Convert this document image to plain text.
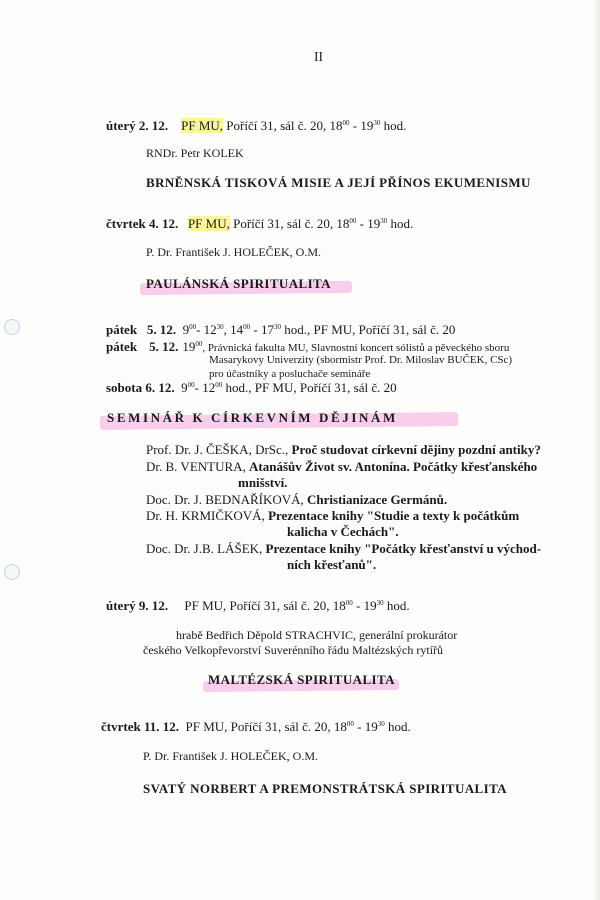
II
úterý 2. 12. PF MU, Poříčí 31, sál č. 20, $18^{00} - 19^{30}$ hod.
RNDr. Petr KOLEK
BRNĚNSKÁ TISKOVÁ MISIE A JEJÍ PŘÍNOS EKUMENISMU
čtvrtek 4. 12. PF MU, Poříčí 31, sál č. 20, $18^{00} - 19^{30}$ hod.
P. Dr. František J. HOLEČEK, O.M.
PAULÁNSKÁ SPIRITUALITA
pátek 5. 12. $9^{00}-$ $12^{30}$, $14^{00} - 17^{30}$ hod., PF MU, Poříčí 31, sál č. 20
pátek 5. 12. $19^{00}$, Právnická fakulta MU, Slavnostní koncert sólistů a pěveckého sboru
Masarykovy Univerzity (sbormistr Prof. Dr. Miloslav BUČEK, CSc)
pro účastníky a posluchače semináře
sobota 6. 12. $9^{00}-$ $12^{00}$ hod., PF MU, Poříčí 31, sál č. 20
SEMINÁŘ K CÍRKEVNÍM DĚJINÁM
Prof. Dr. J. ČEŠKA, DrSc., Proč studovat církevní dějiny pozdní antiky?
Dr. B. VENTURA, Atanášův Život sv. Antonína. Počátky křesťanského
mnišství.
Doc. Dr. J. BEDNAŘÍKOVÁ, Christianizace Germánů.
Dr. H. KRMIČKOVÁ, Prezentace knihy "Studie a texty k počátkům
kalicha v Čechách".
Doc. Dr. J.B. LÁŠEK, Prezentace knihy "Počátky křesťanství u východ-
ních křesťanů".
úterý 9. 12. PF MU, Poříčí 31, sál č. 20, $18^{00} - 19^{30}$ hod.
hrabě Bedřich Děpold STRACHVIC, generální prokurátor
českého Velkopřevorství Suverénního řádu Maltézských rytířů
MALTÉZSKÁ SPIRITUALITA
čtvrtek 11. 12. PF MU, Poříčí 31, sál č. 20, $18^{00} - 19^{30}$ hod.
P. Dr. František J. HOLEČEK, O.M.
SVATÝ NORBERT A PREMONSTRÁTSKÁ SPIRITUALITA
